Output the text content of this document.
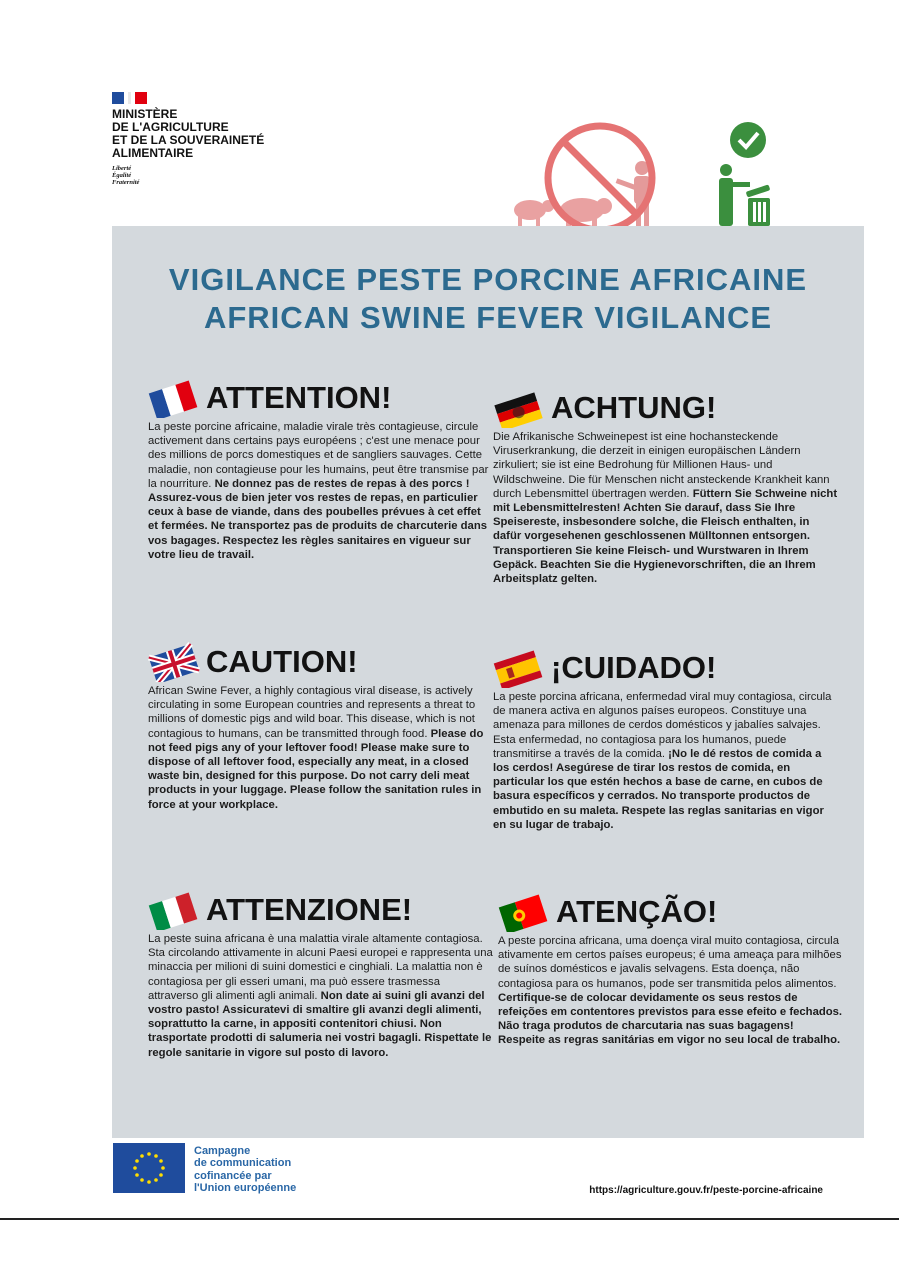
MINISTÈRE
DE L'AGRICULTURE
ET DE LA SOUVERAINETÉ
ALIMENTAIRE
Liberté
Égalité
Fraternité
VIGILANCE PESTE PORCINE AFRICAINE
AFRICAN SWINE FEVER VIGILANCE
ATTENTION!
La peste porcine africaine, maladie virale très contagieuse, circule activement dans certains pays européens ; c'est une menace pour des millions de porcs domestiques et de sangliers sauvages. Cette maladie, non contagieuse pour les humains, peut être transmise par la nourriture. Ne donnez pas de restes de repas à des porcs ! Assurez-vous de bien jeter vos restes de repas, en particulier ceux à base de viande, dans des poubelles prévues à cet effet et fermées. Ne transportez pas de produits de charcuterie dans vos bagages. Respectez les règles sanitaires en vigueur sur votre lieu de travail.
ACHTUNG!
Die Afrikanische Schweinepest ist eine hochansteckende Viruserkrankung, die derzeit in einigen europäischen Ländern zirkuliert; sie ist eine Bedrohung für Millionen Haus- und Wildschweine. Die für Menschen nicht ansteckende Krankheit kann durch Lebensmittel übertragen werden. Füttern Sie Schweine nicht mit Lebensmittelresten! Achten Sie darauf, dass Sie Ihre Speisereste, insbesondere solche, die Fleisch enthalten, in dafür vorgesehenen geschlossenen Mülltonnen entsorgen. Transportieren Sie keine Fleisch- und Wurstwaren in Ihrem Gepäck. Beachten Sie die Hygienevorschriften, die an Ihrem Arbeitsplatz gelten.
CAUTION!
African Swine Fever, a highly contagious viral disease, is actively circulating in some European countries and represents a threat to millions of domestic pigs and wild boar. This disease, which is not contagious to humans, can be transmitted through food. Please do not feed pigs any of your leftover food! Please make sure to dispose of all leftover food, especially any meat, in a closed waste bin, designed for this purpose. Do not carry deli meat products in your luggage. Please follow the sanitation rules in force at your workplace.
¡CUIDADO!
La peste porcina africana, enfermedad viral muy contagiosa, circula de manera activa en algunos países europeos. Constituye una amenaza para millones de cerdos domésticos y jabalíes salvajes. Esta enfermedad, no contagiosa para los humanos, puede transmitirse a través de la comida. ¡No le dé restos de comida a los cerdos! Asegúrese de tirar los restos de comida, en particular los que estén hechos a base de carne, en cubos de basura específicos y cerrados. No transporte productos de embutido en su maleta. Respete las reglas sanitarias en vigor en su lugar de trabajo.
ATTENZIONE!
La peste suina africana è una malattia virale altamente contagiosa. Sta circolando attivamente in alcuni Paesi europei e rappresenta una minaccia per milioni di suini domestici e cinghiali. La malattia non è contagiosa per gli esseri umani, ma può essere trasmessa attraverso gli alimenti agli animali. Non date ai suini gli avanzi del vostro pasto! Assicuratevi di smaltire gli avanzi degli alimenti, soprattutto la carne, in appositi contenitori chiusi. Non trasportate prodotti di salumeria nei vostri bagagli. Rispettate le regole sanitarie in vigore sul posto di lavoro.
ATENÇÃO!
A peste porcina africana, uma doença viral muito contagiosa, circula ativamente em certos países europeus; é uma ameaça para milhões de suínos domésticos e javalis selvagens. Esta doença, não contagiosa para os humanos, pode ser transmitida pelos alimentos. Certifique-se de colocar devidamente os seus restos de refeições em contentores previstos para esse efeito e fechados. Não traga produtos de charcutaria nas suas bagagens! Respeite as regras sanitárias em vigor no seu local de trabalho.
Campagne
de communication
cofinancée par
l'Union européenne	https://agriculture.gouv.fr/peste-porcine-africaine
